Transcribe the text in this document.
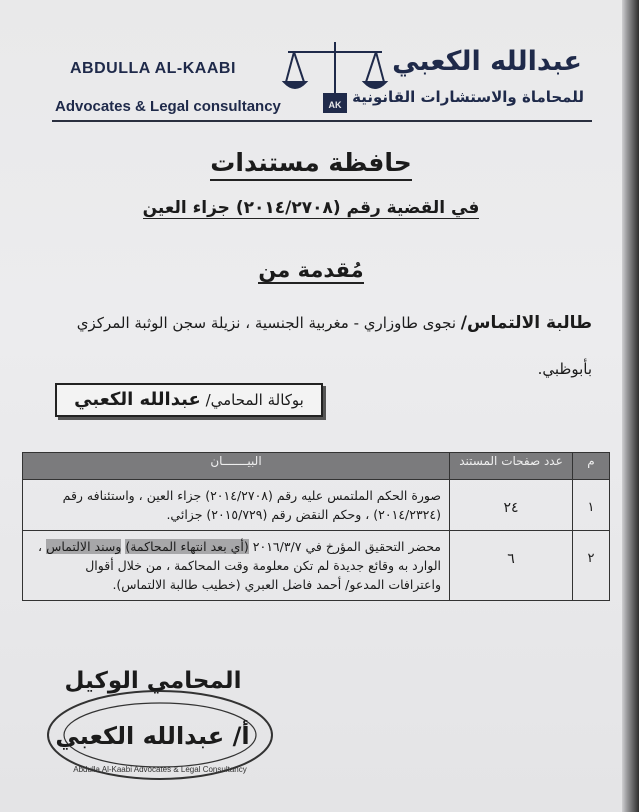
ABDULLA AL-KAABI
Advocates & Legal consultancy
عبدالله الكعبي
للمحاماة والاستشارات القانونية
AK
حافظة مستندات
في القضية رقم (٢٠١٤/٢٧٠٨) جزاء العين
مُقدمة من
طالبة الالتماس/ نجوى طاوزاري - مغربية الجنسية ، نزيلة سجن الوثبة المركزي بأبوظبي.
بوكالة المحامي/ عبدالله الكعبي
م	عدد صفحات المستند	البيـــــــان
١	٢٤	صورة الحكم الملتمس عليه رقم (٢٠١٤/٢٧٠٨) جزاء العين ، واستئنافه رقم (٢٠١٤/٢٣٢٤) ، وحكم النقض رقم (٢٠١٥/٧٢٩) جزائي.
٢	٦	محضر التحقيق المؤرخ في ٢٠١٦/٣/٧ (أي بعد انتهاء المحاكمة) وسند الالتماس ، الوارد به وقائع جديدة لم تكن معلومة وقت المحاكمة ، من خلال أقوال واعترافات المدعو/ أحمد فاضل العبري (خطيب طالبة الالتماس).
Abdulla Al-Kaabi Advocates & Legal Consultancy
المحامي الوكيل
أ/ عبدالله الكعبي
